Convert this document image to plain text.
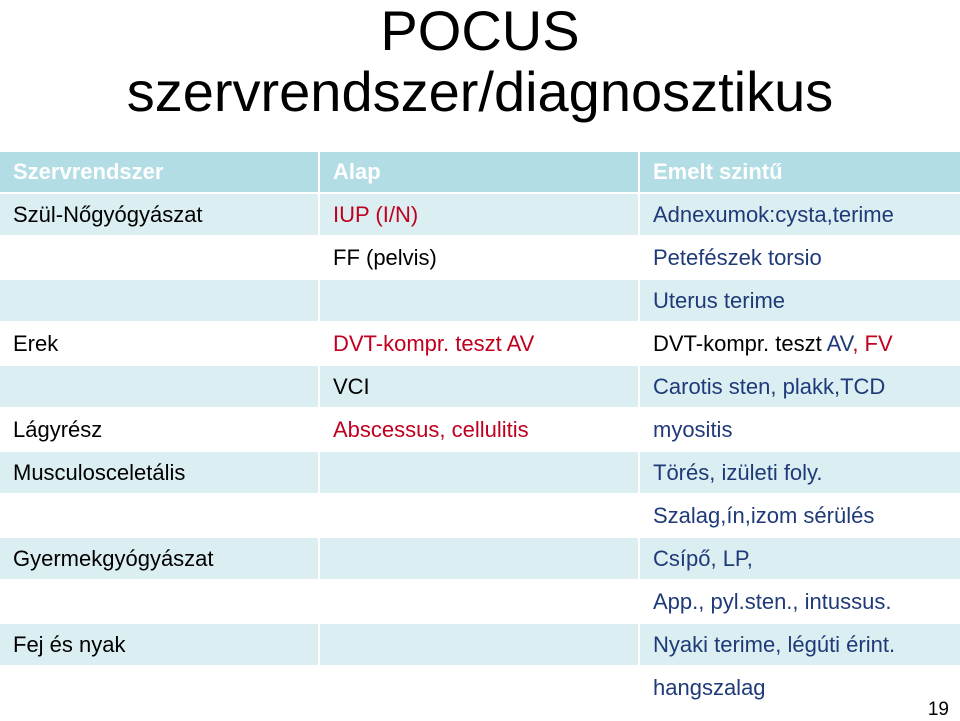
POCUS
szervrendszer/diagnosztikus
Szervrendszer	Alap	Emelt szintű
Szül-Nőgyógyászat	IUP (I/N)	Adnexumok:cysta,terime
	FF (pelvis)	Petefészek torsio
		Uterus terime
Erek	DVT-kompr. teszt AV	DVT-kompr. teszt AV, FV
	VCI	Carotis sten, plakk,TCD
Lágyrész	Abscessus, cellulitis	myositis
Musculosceletális		Törés, izületi foly.
		Szalag,ín,izom sérülés
Gyermekgyógyászat		Csípő, LP,
		App., pyl.sten., intussus.
Fej és nyak		Nyaki terime, légúti érint.
		hangszalag
19
